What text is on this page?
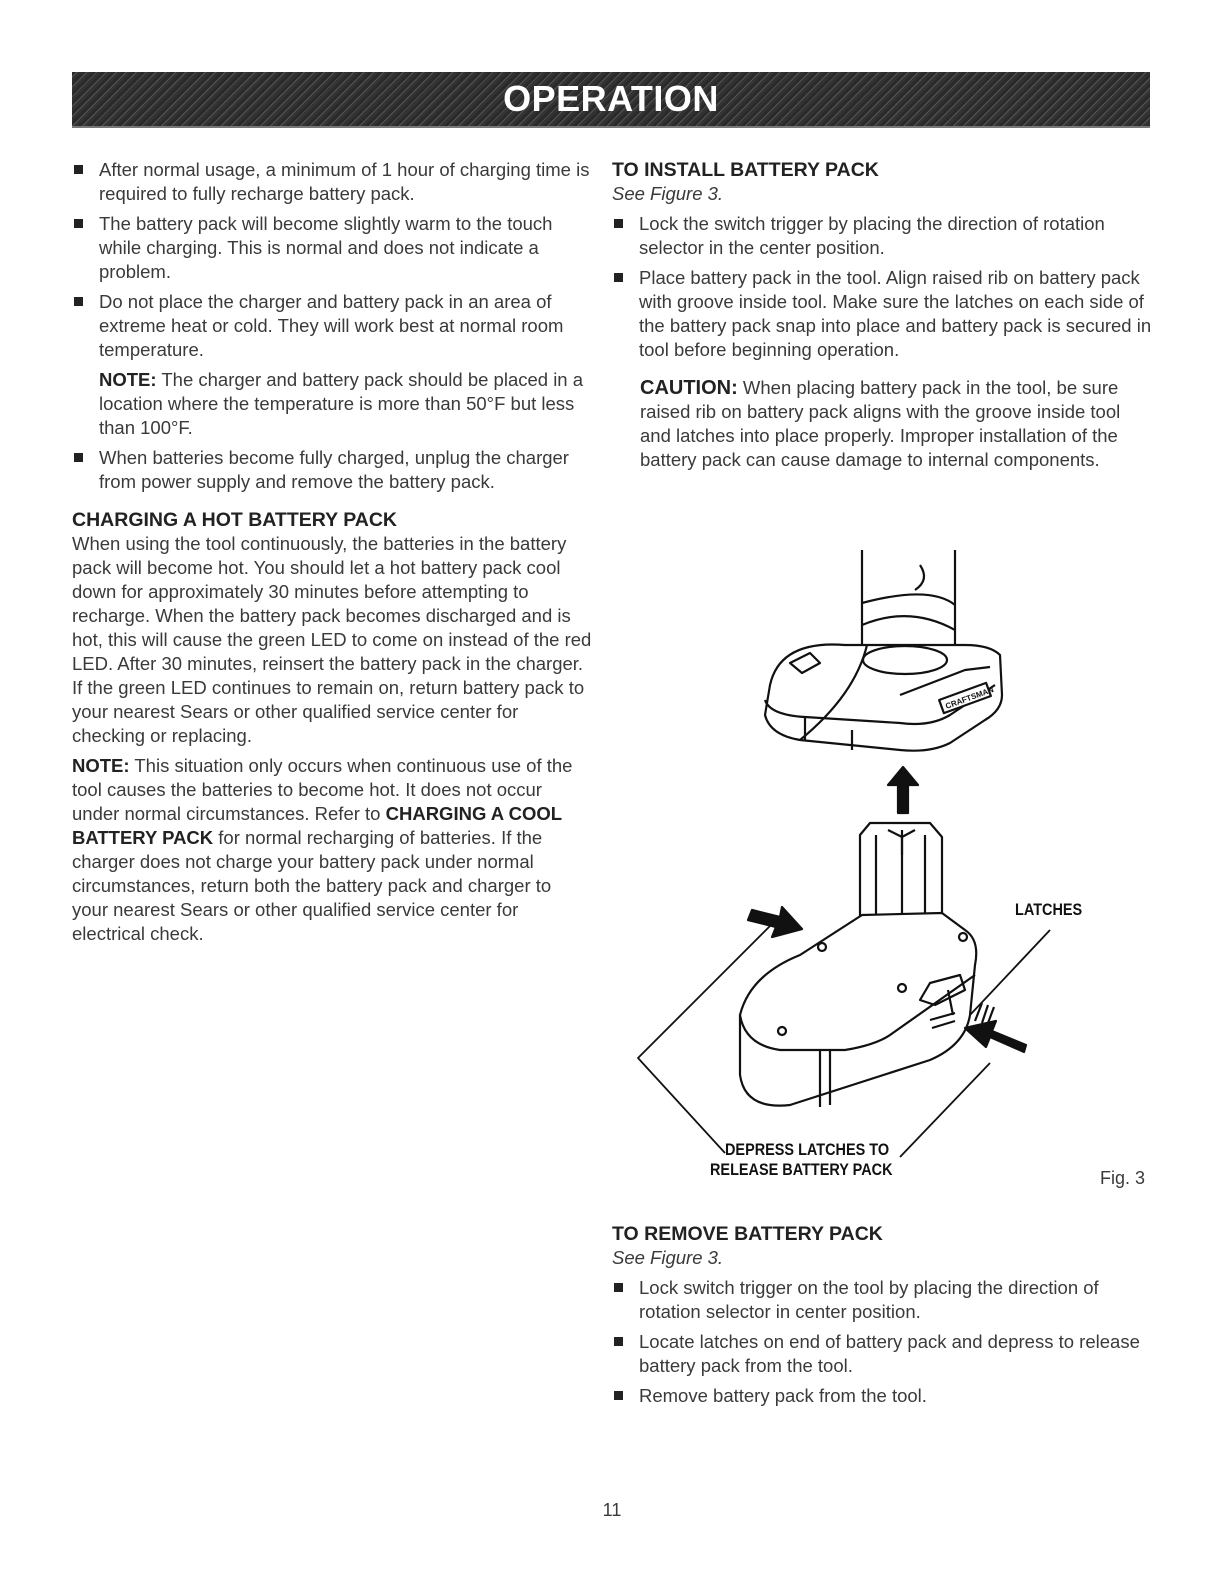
OPERATION
After normal usage, a minimum of 1 hour of charging time is required to fully recharge battery pack.
The battery pack will become slightly warm to the touch while charging. This is normal and does not indicate a problem.
Do not place the charger and battery pack in an area of extreme heat or cold. They will work best at normal room temperature.

NOTE: The charger and battery pack should be placed in a location where the temperature is more than 50°F but less than 100°F.

When batteries become fully charged, unplug the charger from power supply and remove the battery pack.
CHARGING A HOT BATTERY PACK

When using the tool continuously, the batteries in the battery pack will become hot. You should let a hot battery pack cool down for approximately 30 minutes before attempting to recharge. When the battery pack becomes discharged and is hot, this will cause the green LED to come on instead of the red LED. After 30 minutes, reinsert the battery pack in the charger. If the green LED continues to remain on, return battery pack to your nearest Sears or other qualified service center for checking or replacing.

NOTE: This situation only occurs when continuous use of the tool causes the batteries to become hot. It does not occur under normal circumstances. Refer to CHARGING A COOL BATTERY PACK for normal recharging of batteries. If the charger does not charge your battery pack under normal circumstances, return both the battery pack and charger to your nearest Sears or other qualified service center for electrical check.

TO INSTALL BATTERY PACK

See Figure 3.

Lock the switch trigger by placing the direction of rotation selector in the center position.
Place battery pack in the tool. Align raised rib on battery pack with groove inside tool. Make sure the latches on each side of the battery pack snap into place and battery pack is secured in tool before beginning operation.

CAUTION: When placing battery pack in the tool, be sure raised rib on battery pack aligns with the groove inside tool and latches into place properly. Improper installation of the battery pack can cause damage to internal components.

CRAFTSMAN
LATCHES
DEPRESS LATCHES TO
RELEASE BATTERY PACK	Fig. 3
TO REMOVE BATTERY PACK

See Figure 3.

Lock switch trigger on the tool by placing the direction of rotation selector in center position.
Locate latches on end of battery pack and depress to release battery pack from the tool.
Remove battery pack from the tool.
11
